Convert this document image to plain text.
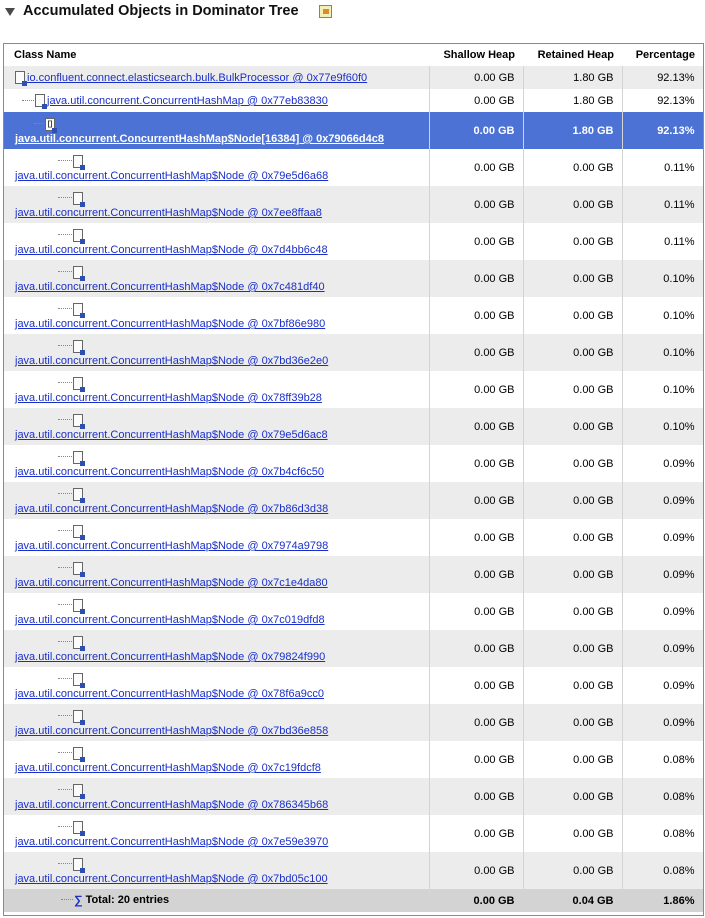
Accumulated Objects in Dominator Tree
Class Name	Shallow Heap	Retained Heap	Percentage
io.confluent.connect.elasticsearch.bulk.BulkProcessor @ 0x77e9f60f0	0.00 GB	1.80 GB	92.13%
java.util.concurrent.ConcurrentHashMap @ 0x77eb83830	0.00 GB	1.80 GB	92.13%

[]
java.util.concurrent.ConcurrentHashMap$Node[16384] @ 0x79066d4c8	0.00 GB	1.80 GB	92.13%

java.util.concurrent.ConcurrentHashMap$Node @ 0x79e5d6a68	0.00 GB	0.00 GB	0.11%

java.util.concurrent.ConcurrentHashMap$Node @ 0x7ee8ffaa8	0.00 GB	0.00 GB	0.11%

java.util.concurrent.ConcurrentHashMap$Node @ 0x7d4bb6c48	0.00 GB	0.00 GB	0.11%

java.util.concurrent.ConcurrentHashMap$Node @ 0x7c481df40	0.00 GB	0.00 GB	0.10%

java.util.concurrent.ConcurrentHashMap$Node @ 0x7bf86e980	0.00 GB	0.00 GB	0.10%

java.util.concurrent.ConcurrentHashMap$Node @ 0x7bd36e2e0	0.00 GB	0.00 GB	0.10%

java.util.concurrent.ConcurrentHashMap$Node @ 0x78ff39b28	0.00 GB	0.00 GB	0.10%

java.util.concurrent.ConcurrentHashMap$Node @ 0x79e5d6ac8	0.00 GB	0.00 GB	0.10%

java.util.concurrent.ConcurrentHashMap$Node @ 0x7b4cf6c50	0.00 GB	0.00 GB	0.09%

java.util.concurrent.ConcurrentHashMap$Node @ 0x7b86d3d38	0.00 GB	0.00 GB	0.09%

java.util.concurrent.ConcurrentHashMap$Node @ 0x7974a9798	0.00 GB	0.00 GB	0.09%

java.util.concurrent.ConcurrentHashMap$Node @ 0x7c1e4da80	0.00 GB	0.00 GB	0.09%

java.util.concurrent.ConcurrentHashMap$Node @ 0x7c019dfd8	0.00 GB	0.00 GB	0.09%

java.util.concurrent.ConcurrentHashMap$Node @ 0x79824f990	0.00 GB	0.00 GB	0.09%

java.util.concurrent.ConcurrentHashMap$Node @ 0x78f6a9cc0	0.00 GB	0.00 GB	0.09%

java.util.concurrent.ConcurrentHashMap$Node @ 0x7bd36e858	0.00 GB	0.00 GB	0.09%

java.util.concurrent.ConcurrentHashMap$Node @ 0x7c19fdcf8	0.00 GB	0.00 GB	0.08%

java.util.concurrent.ConcurrentHashMap$Node @ 0x786345b68	0.00 GB	0.00 GB	0.08%

java.util.concurrent.ConcurrentHashMap$Node @ 0x7e59e3970	0.00 GB	0.00 GB	0.08%

java.util.concurrent.ConcurrentHashMap$Node @ 0x7bd05c100	0.00 GB	0.00 GB	0.08%

∑ Total: 20 entries	0.00 GB	0.04 GB	1.86%
